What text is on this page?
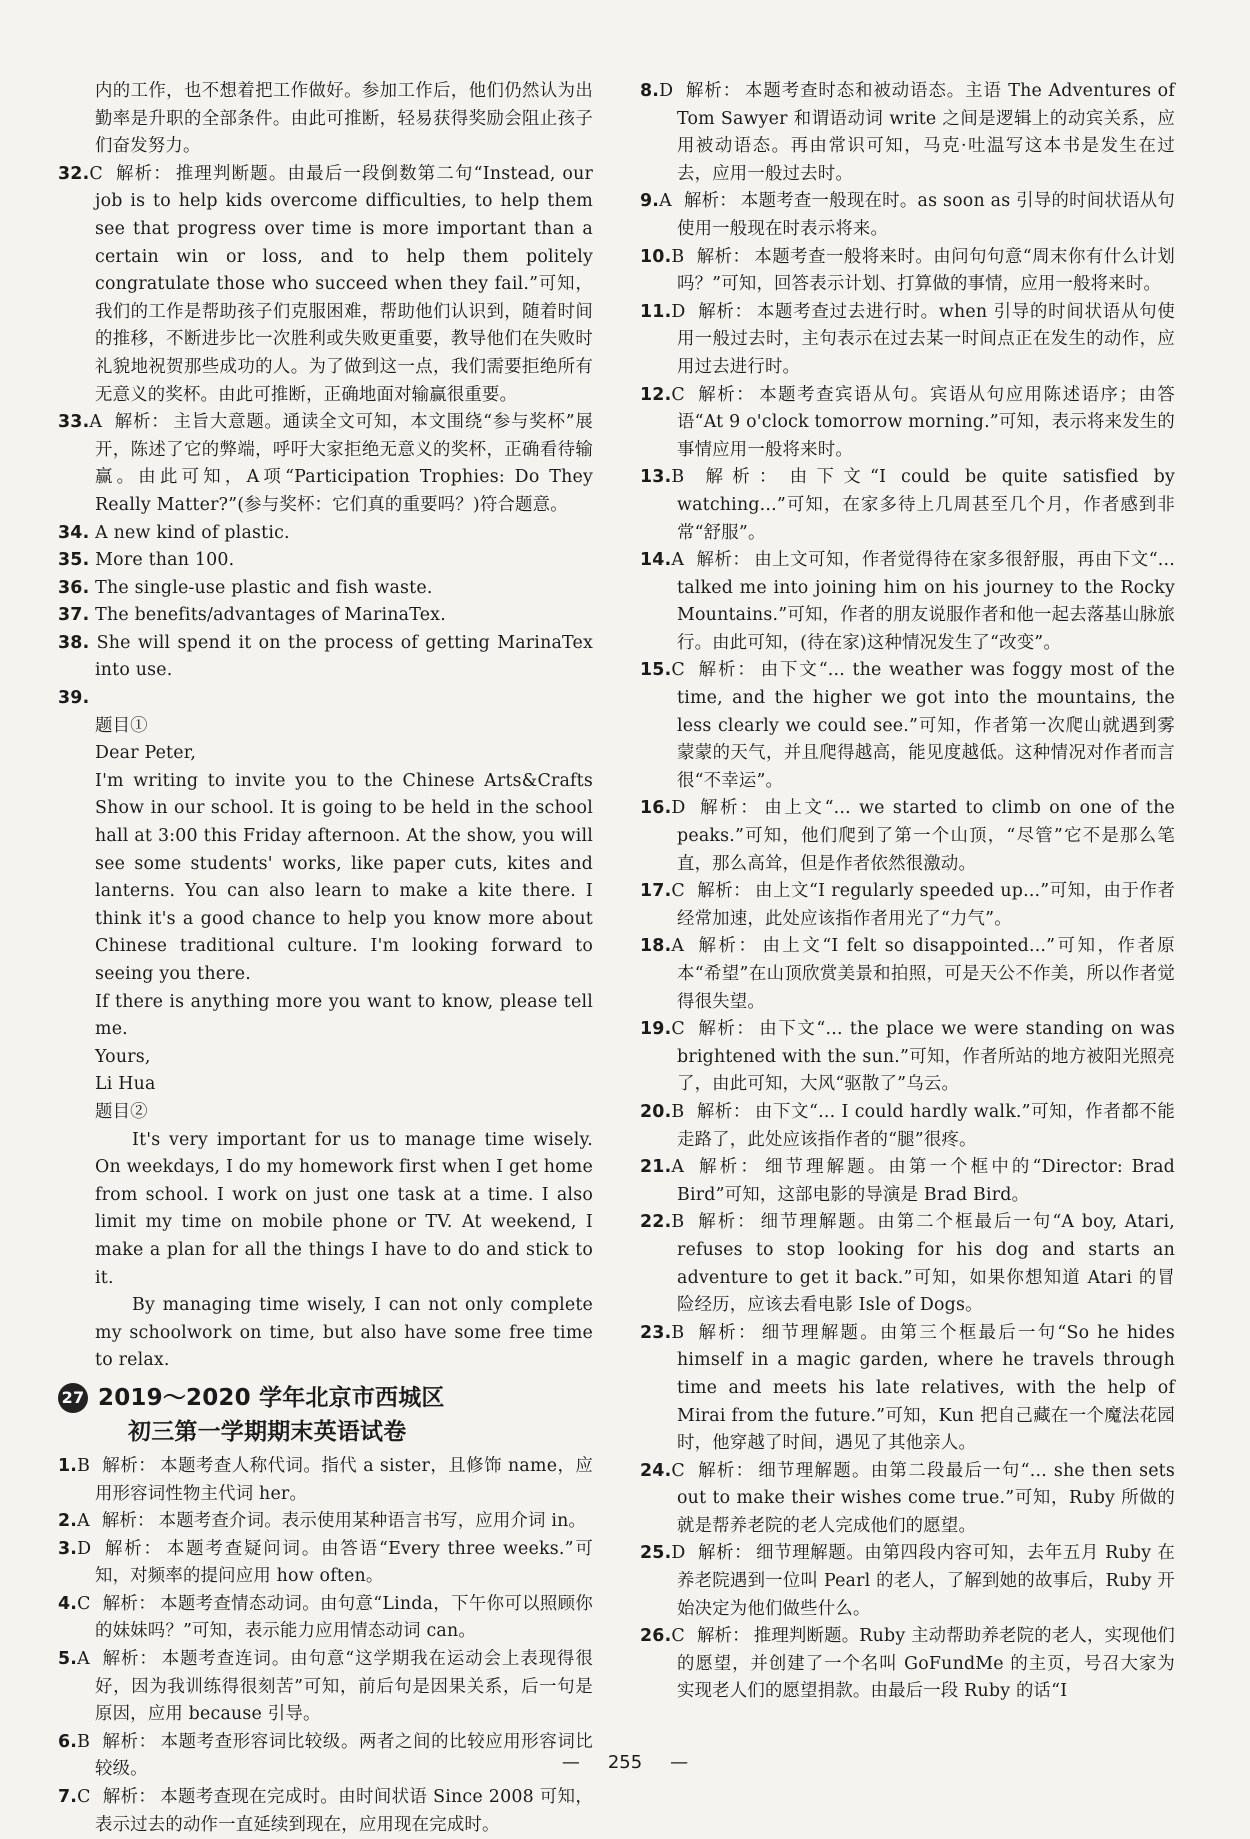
内的工作，也不想着把工作做好。参加工作后，他们仍然认为出勤率是升职的全部条件。由此可推断，轻易获得奖励会阻止孩子们奋发努力。

32.C 解析： 推理判断题。由最后一段倒数第二句“Instead, our job is to help kids overcome difficulties, to help them see that progress over time is more important than a certain win or loss, and to help them politely congratulate those who succeed when they fail.”可知，我们的工作是帮助孩子们克服困难，帮助他们认识到，随着时间的推移，不断进步比一次胜利或失败更重要，教导他们在失败时礼貌地祝贺那些成功的人。为了做到这一点，我们需要拒绝所有无意义的奖杯。由此可推断，正确地面对输赢很重要。

33.A 解析： 主旨大意题。通读全文可知，本文围绕“参与奖杯”展开，陈述了它的弊端，呼吁大家拒绝无意义的奖杯，正确看待输赢。由此可知，A项“Participation Trophies: Do They Really Matter?”(参与奖杯：它们真的重要吗？)符合题意。

34. A new kind of plastic.

35. More than 100.

36. The single-use plastic and fish waste.

37. The benefits/advantages of MarinaTex.

38. She will spend it on the process of getting MarinaTex into use.

39.

题目①

Dear Peter,

I'm writing to invite you to the Chinese Arts&Crafts Show in our school. It is going to be held in the school hall at 3:00 this Friday afternoon. At the show, you will see some students' works, like paper cuts, kites and lanterns. You can also learn to make a kite there. I think it's a good chance to help you know more about Chinese traditional culture. I'm looking forward to seeing you there.

If there is anything more you want to know, please tell me.

Yours,

Li Hua

题目②

It's very important for us to manage time wisely. On weekdays, I do my homework first when I get home from school. I work on just one task at a time. I also limit my time on mobile phone or TV. At weekend, I make a plan for all the things I have to do and stick to it.

By managing time wisely, I can not only complete my schoolwork on time, but also have some free time to relax.

27 2019～2020 学年北京市西城区
初三第一学期期末英语试卷

1.B 解析： 本题考查人称代词。指代 a sister，且修饰 name，应用形容词性物主代词 her。

2.A 解析： 本题考查介词。表示使用某种语言书写，应用介词 in。

3.D 解析： 本题考查疑问词。由答语“Every three weeks.”可知，对频率的提问应用 how often。

4.C 解析： 本题考查情态动词。由句意“Linda，下午你可以照顾你的妹妹吗？”可知，表示能力应用情态动词 can。

5.A 解析： 本题考查连词。由句意“这学期我在运动会上表现得很好，因为我训练得很刻苦”可知，前后句是因果关系，后一句是原因，应用 because 引导。

6.B 解析： 本题考查形容词比较级。两者之间的比较应用形容词比较级。

7.C 解析： 本题考查现在完成时。由时间状语 Since 2008 可知，表示过去的动作一直延续到现在，应用现在完成时。

8.D 解析： 本题考查时态和被动语态。主语 The Adventures of Tom Sawyer 和谓语动词 write 之间是逻辑上的动宾关系，应用被动语态。再由常识可知，马克·吐温写这本书是发生在过去，应用一般过去时。

9.A 解析： 本题考查一般现在时。as soon as 引导的时间状语从句使用一般现在时表示将来。

10.B 解析： 本题考查一般将来时。由问句句意“周末你有什么计划吗？”可知，回答表示计划、打算做的事情，应用一般将来时。

11.D 解析： 本题考查过去进行时。when 引导的时间状语从句使用一般过去时，主句表示在过去某一时间点正在发生的动作，应用过去进行时。

12.C 解析： 本题考查宾语从句。宾语从句应用陈述语序；由答语“At 9 o'clock tomorrow morning.”可知，表示将来发生的事情应用一般将来时。

13.B 解析： 由下文“I could be quite satisfied by watching...”可知，在家多待上几周甚至几个月，作者感到非常“舒服”。

14.A 解析： 由上文可知，作者觉得待在家多很舒服，再由下文“... talked me into joining him on his journey to the Rocky Mountains.”可知，作者的朋友说服作者和他一起去落基山脉旅行。由此可知，(待在家)这种情况发生了“改变”。

15.C 解析： 由下文“... the weather was foggy most of the time, and the higher we got into the mountains, the less clearly we could see.”可知，作者第一次爬山就遇到雾蒙蒙的天气，并且爬得越高，能见度越低。这种情况对作者而言很“不幸运”。

16.D 解析： 由上文“... we started to climb on one of the peaks.”可知，他们爬到了第一个山顶，“尽管”它不是那么笔直，那么高耸，但是作者依然很激动。

17.C 解析： 由上文“I regularly speeded up...”可知，由于作者经常加速，此处应该指作者用光了“力气”。

18.A 解析： 由上文“I felt so disappointed...”可知，作者原本“希望”在山顶欣赏美景和拍照，可是天公不作美，所以作者觉得很失望。

19.C 解析： 由下文“... the place we were standing on was brightened with the sun.”可知，作者所站的地方被阳光照亮了，由此可知，大风“驱散了”乌云。

20.B 解析： 由下文“... I could hardly walk.”可知，作者都不能走路了，此处应该指作者的“腿”很疼。

21.A 解析： 细节理解题。由第一个框中的“Director: Brad Bird”可知，这部电影的导演是 Brad Bird。

22.B 解析： 细节理解题。由第二个框最后一句“A boy, Atari, refuses to stop looking for his dog and starts an adventure to get it back.”可知，如果你想知道 Atari 的冒险经历，应该去看电影 Isle of Dogs。

23.B 解析： 细节理解题。由第三个框最后一句“So he hides himself in a magic garden, where he travels through time and meets his late relatives, with the help of Mirai from the future.”可知，Kun 把自己藏在一个魔法花园时，他穿越了时间，遇见了其他亲人。

24.C 解析： 细节理解题。由第二段最后一句“... she then sets out to make their wishes come true.”可知，Ruby 所做的就是帮养老院的老人完成他们的愿望。

25.D 解析： 细节理解题。由第四段内容可知，去年五月 Ruby 在养老院遇到一位叫 Pearl 的老人，了解到她的故事后，Ruby 开始决定为他们做些什么。

26.C 解析： 推理判断题。Ruby 主动帮助养老院的老人，实现他们的愿望，并创建了一个名叫 GoFundMe 的主页，号召大家为实现老人们的愿望捐款。由最后一段 Ruby 的话“I

— 255 —
